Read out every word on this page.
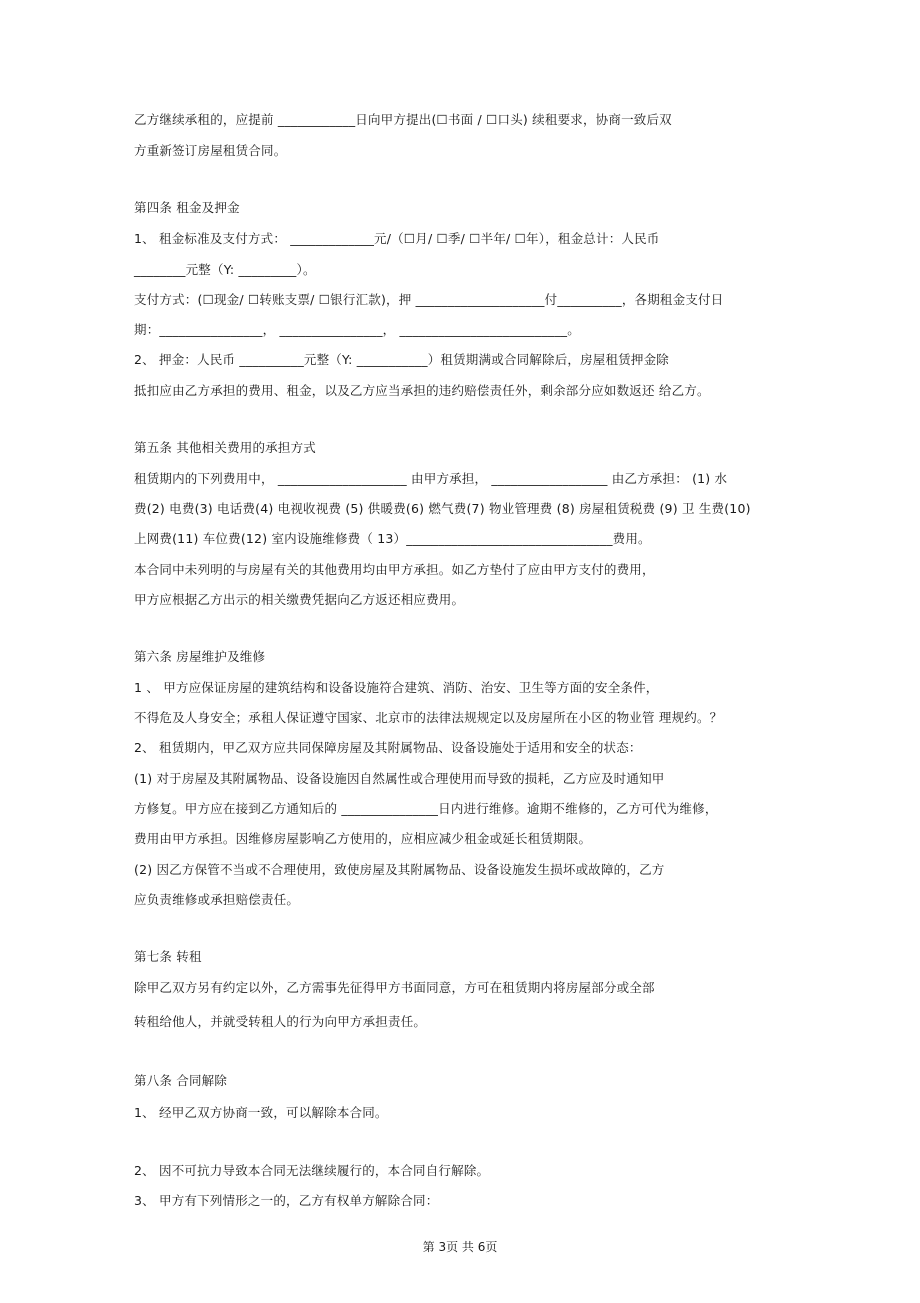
乙方继续承租的，应提前 ____________日向甲方提出(☐书面 / ☐口头) 续租要求，协商一致后双
方重新签订房屋租赁合同。
第四条 租金及押金
1、 租金标准及支付方式： _____________元/（☐月/ ☐季/ ☐半年/ ☐年），租金总计：人民币
________元整（Y: _________）。
支付方式：(☐现金/ ☐转账支票/ ☐银行汇款)，押 ____________________付__________，各期租金支付日
期：________________， ________________， __________________________。
2、 押金：人民币 __________元整（Y: ___________）租赁期满或合同解除后，房屋租赁押金除
抵扣应由乙方承担的费用、租金，以及乙方应当承担的违约赔偿责任外，剩余部分应如数返还 给乙方。
第五条 其他相关费用的承担方式
租赁期内的下列费用中， ____________________ 由甲方承担， __________________ 由乙方承担： (1) 水
费(2) 电费(3) 电话费(4) 电视收视费 (5) 供暖费(6) 燃气费(7) 物业管理费 (8) 房屋租赁税费 (9) 卫 生费(10)
上网费(11) 车位费(12) 室内设施维修费（ 13）________________________________费用。
本合同中未列明的与房屋有关的其他费用均由甲方承担。如乙方垫付了应由甲方支付的费用，
甲方应根据乙方出示的相关缴费凭据向乙方返还相应费用。
第六条 房屋维护及维修
1 、 甲方应保证房屋的建筑结构和设备设施符合建筑、消防、治安、卫生等方面的安全条件，
不得危及人身安全；承租人保证遵守国家、北京市的法律法规规定以及房屋所在小区的物业管 理规约。？
2、 租赁期内，甲乙双方应共同保障房屋及其附属物品、设备设施处于适用和安全的状态：
(1) 对于房屋及其附属物品、设备设施因自然属性或合理使用而导致的损耗，乙方应及时通知甲
方修复。甲方应在接到乙方通知后的 _______________日内进行维修。逾期不维修的，乙方可代为维修，
费用由甲方承担。因维修房屋影响乙方使用的，应相应减少租金或延长租赁期限。
(2) 因乙方保管不当或不合理使用，致使房屋及其附属物品、设备设施发生损坏或故障的，乙方
应负责维修或承担赔偿责任。
第七条 转租
除甲乙双方另有约定以外，乙方需事先征得甲方书面同意，方可在租赁期内将房屋部分或全部
转租给他人，并就受转租人的行为向甲方承担责任。
第八条 合同解除
1、 经甲乙双方协商一致，可以解除本合同。
2、 因不可抗力导致本合同无法继续履行的，本合同自行解除。
3、 甲方有下列情形之一的，乙方有权单方解除合同：
第 3页 共 6页
